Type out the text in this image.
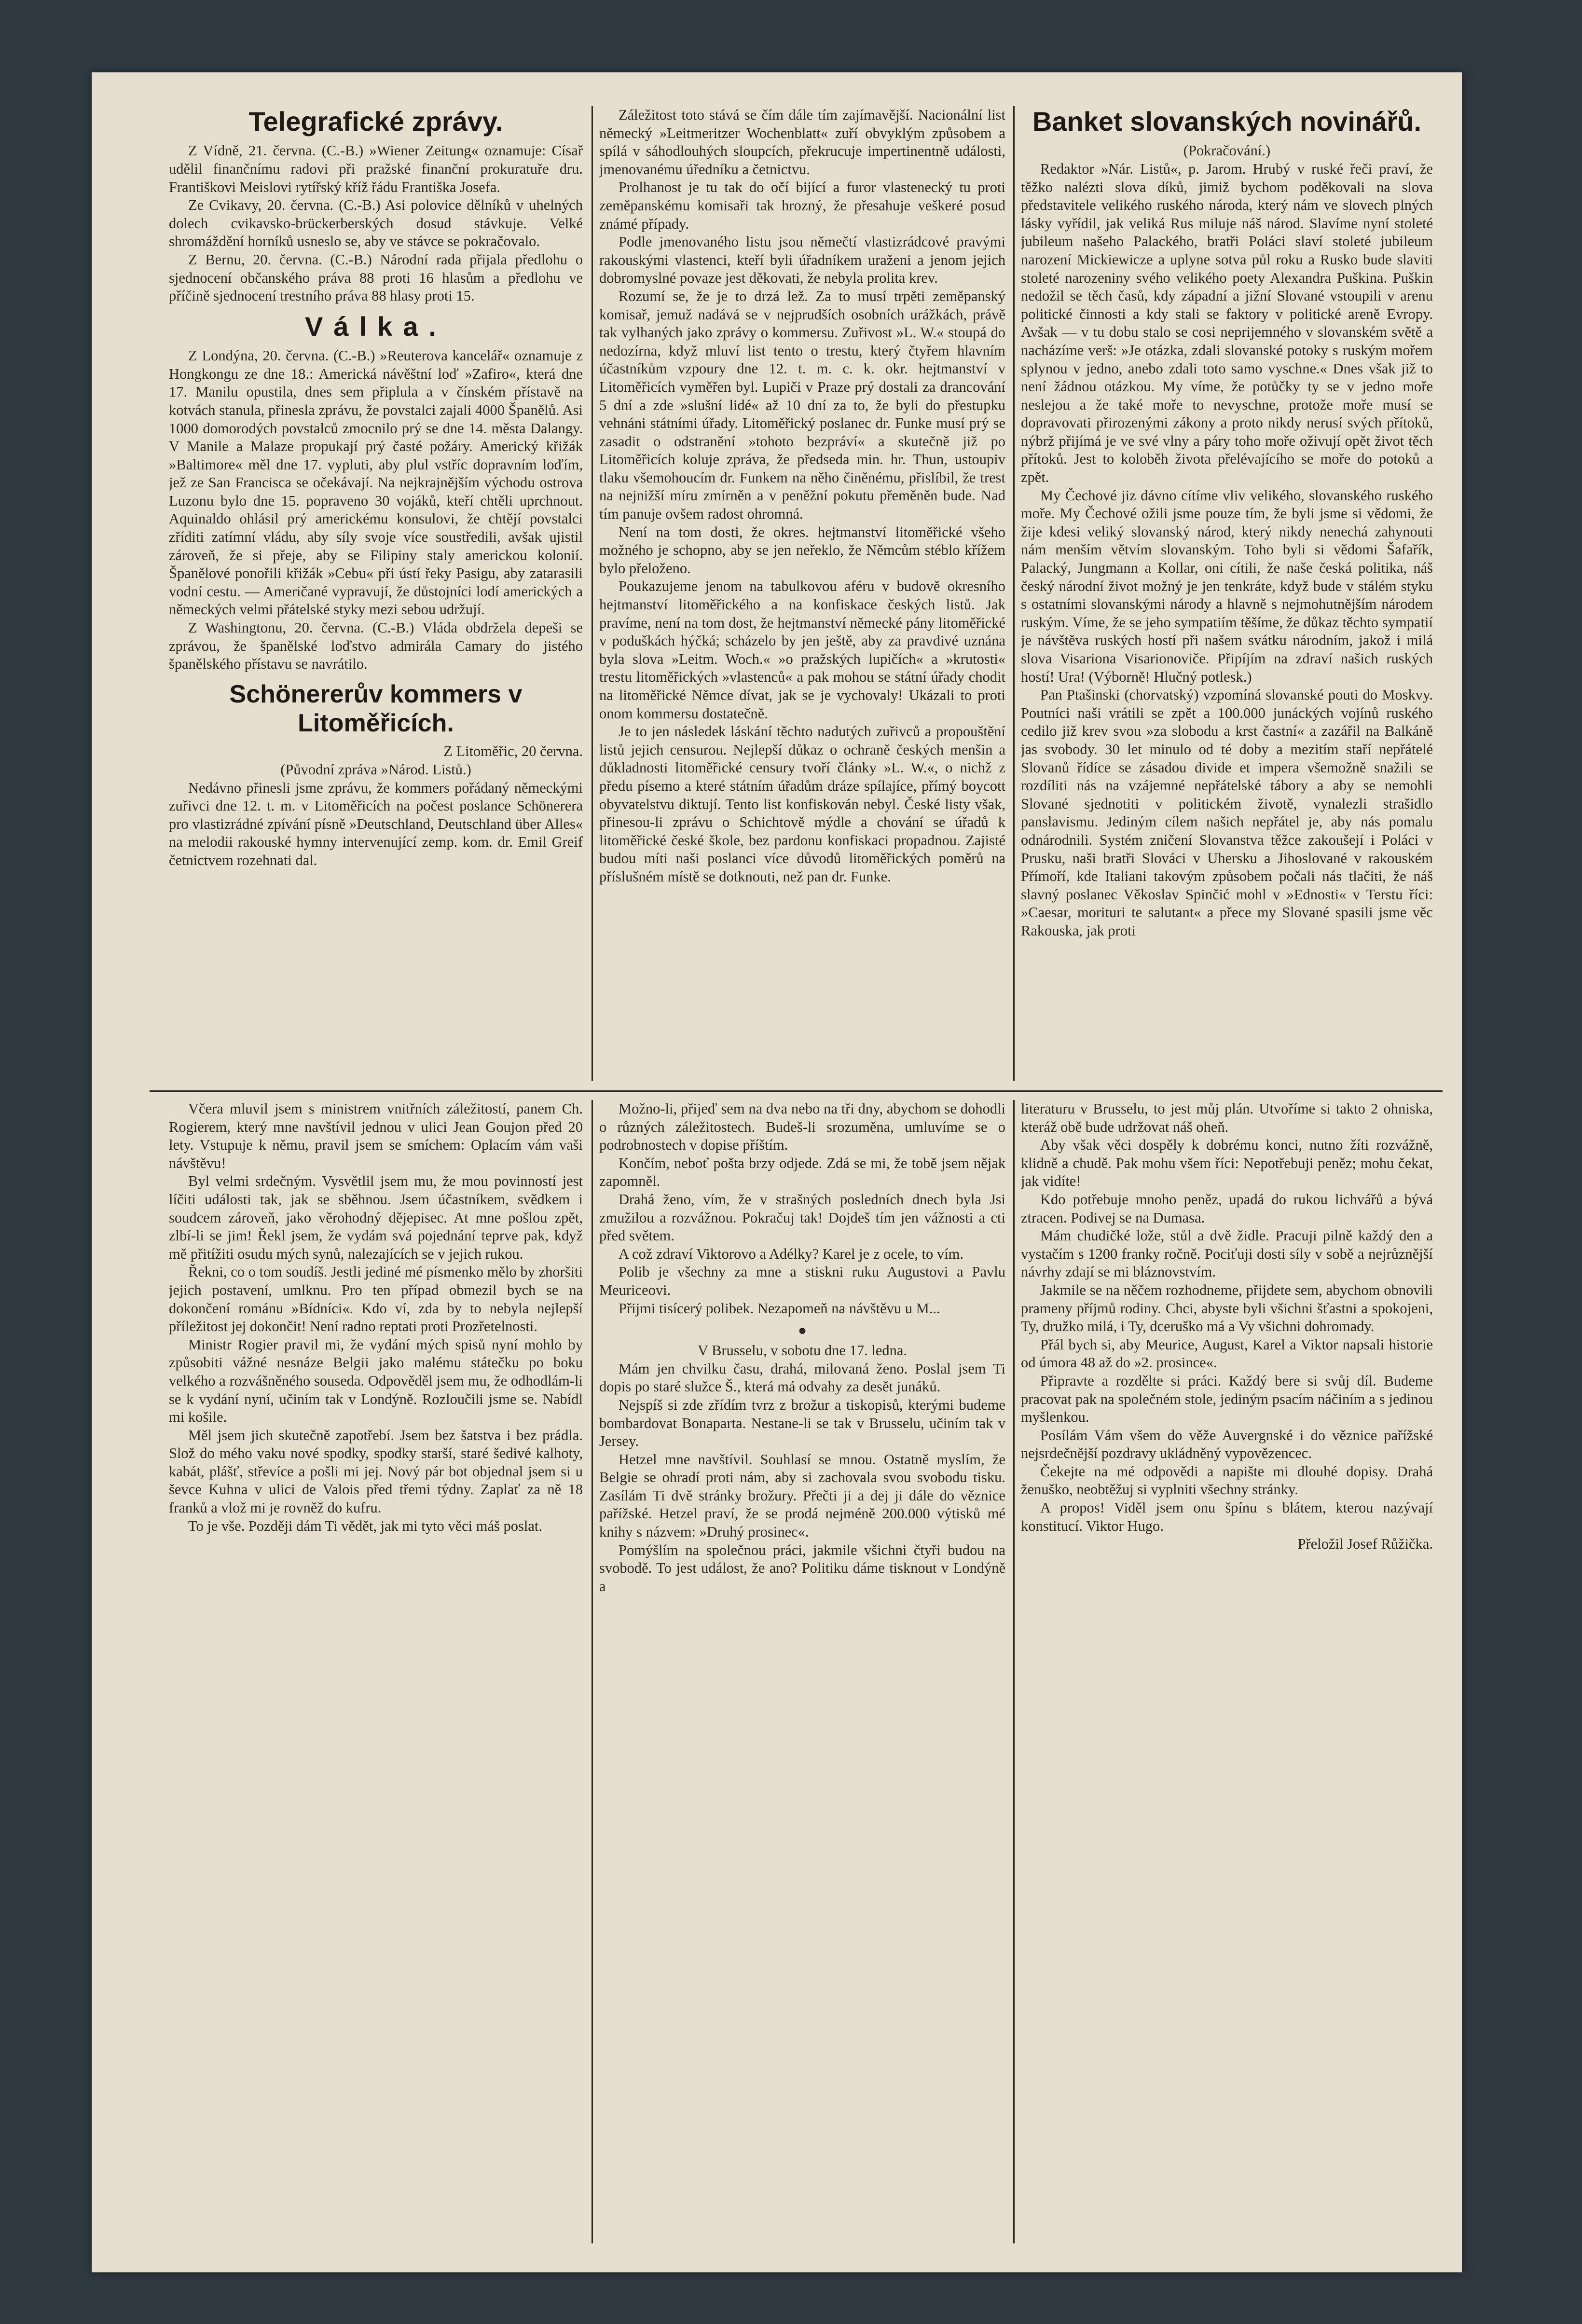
Telegrafické zprávy.

Z Vídně, 21. června. (C.-B.) »Wiener Zeitung« oznamuje: Císař udělil finančnímu radovi při pražské finanční prokuratuře dru. Františkovi Meislovi rytířský kříž řádu Františka Josefa.

Ze Cvikavy, 20. června. (C.-B.) Asi polovice dělníků v uhelných dolech cvikavsko-brückerberských dosud stávkuje. Velké shromáždění horníků usneslo se, aby ve stávce se pokračovalo.

Z Bernu, 20. června. (C.-B.) Národní rada přijala předlohu o sjednocení občanského práva 88 proti 16 hlasům a předlohu ve příčině sjednocení trestního práva 88 hlasy proti 15.

Válka.

Z Londýna, 20. června. (C.-B.) »Reuterova kancelář« oznamuje z Hongkongu ze dne 18.: Americká návěštní loď »Zafiro«, která dne 17. Manilu opustila, dnes sem připlula a v čínském přístavě na kotvách stanula, přinesla zprávu, že povstalci zajali 4000 Španělů. Asi 1000 domorodých povstalců zmocnilo prý se dne 14. města Dalangy. V Manile a Malaze propukají prý časté požáry. Americký křižák »Baltimore« měl dne 17. vypluti, aby plul vstříc dopravním loďím, jež ze San Francisca se očekávají. Na nejkrajnějším východu ostrova Luzonu bylo dne 15. popraveno 30 vojáků, kteří chtěli uprchnout. Aquinaldo ohlásil prý americkému konsulovi, že chtějí povstalci zříditi zatímní vládu, aby síly svoje více soustředili, avšak ujistil zároveň, že si přeje, aby se Filipiny staly americkou kolonií. Španělové ponořili křižák »Cebu« při ústí řeky Pasigu, aby zatarasili vodní cestu. — Američané vypravují, že důstojníci lodí amerických a německých velmi přátelské styky mezi sebou udržují.

Z Washingtonu, 20. června. (C.-B.) Vláda obdržela depeši se zprávou, že španělské loďstvo admirála Camary do jistého španělského přístavu se navrátilo.

Schönererův kommers v Litoměřicích.

Z Litoměřic, 20 června.

(Původní zpráva »Národ. Listů.)

Nedávno přinesli jsme zprávu, že kommers pořádaný německými zuřivci dne 12. t. m. v Litoměřicích na počest poslance Schönerera pro vlastizrádné zpívání písně »Deutschland, Deutschland über Alles« na melodii rakouské hymny intervenující zemp. kom. dr. Emil Greif četnictvem rozehnati dal.

Záležitost toto stává se čím dále tím zajímavější. Nacionální list německý »Leitmeritzer Wochenblatt« zuří obvyklým způsobem a spílá v sáhodlouhých sloupcích, překrucuje impertinentně události, jmenovanému úředníku a četnictvu.

Prolhanost je tu tak do očí bijící a furor vlastenecký tu proti zeměpanskému komisaři tak hrozný, že přesahuje veškeré posud známé případy.

Podle jmenovaného listu jsou němečtí vlastizrádcové pravými rakouskými vlastenci, kteří byli úřadníkem uraženi a jenom jejich dobromyslné povaze jest děkovati, že nebyla prolita krev.

Rozumí se, že je to drzá lež. Za to musí trpěti zeměpanský komisař, jemuž nadává se v nejprudších osobních urážkách, právě tak vylhaných jako zprávy o kommersu. Zuřivost »L. W.« stoupá do nedozírna, když mluví list tento o trestu, který čtyřem hlavním účastníkům vzpoury dne 12. t. m. c. k. okr. hejtmanství v Litoměřicích vyměřen byl. Lupiči v Praze prý dostali za drancování 5 dní a zde »slušní lidé« až 10 dní za to, že byli do přestupku vehnáni státními úřady. Litoměřický poslanec dr. Funke musí prý se zasadit o odstranění »tohoto bezpráví« a skutečně již po Litoměřicích koluje zpráva, že předseda min. hr. Thun, ustoupiv tlaku všemohoucím dr. Funkem na něho činěnému, přislíbil, že trest na nejnižší míru zmírněn a v peněžní pokutu přeměněn bude. Nad tím panuje ovšem radost ohromná.

Není na tom dosti, že okres. hejtmanství litoměřické všeho možného je schopno, aby se jen neřeklo, že Němcům stéblo křížem bylo přeloženo.

Poukazujeme jenom na tabulkovou aféru v budově okresního hejtmanství litoměřického a na konfiskace českých listů. Jak pravíme, není na tom dost, že hejtmanství německé pány litoměřické v poduškách hýčká; scházelo by jen ještě, aby za pravdivé uznána byla slova »Leitm. Woch.« »o pražských lupičích« a »krutosti« trestu litoměřických »vlastenců« a pak mohou se státní úřady chodit na litoměřické Němce dívat, jak se je vychovaly! Ukázali to proti onom kommersu dostatečně.

Je to jen následek láskání těchto nadutých zuřivců a propouštění listů jejich censurou. Nejlepší důkaz o ochraně českých menšin a důkladnosti litoměřické censury tvoří články »L. W.«, o nichž z předu písemo a které státním úřadům dráze spílajíce, přímý boycott obyvatelstvu diktují. Tento list konfiskován nebyl. České listy však, přinesou-li zprávu o Schichtově mýdle a chování se úřadů k litoměřické české škole, bez pardonu konfiskaci propadnou. Zajisté budou míti naši poslanci více důvodů litoměřických poměrů na příslušném místě se dotknouti, než pan dr. Funke.

Banket slovanských novinářů.

(Pokračování.)

Redaktor »Nár. Listů«, p. Jarom. Hrubý v ruské řeči praví, že těžko nalézti slova díků, jimiž bychom poděkovali na slova představitele velikého ruského národa, který nám ve slovech plných lásky vyřídil, jak veliká Rus miluje náš národ. Slavíme nyní stoleté jubileum našeho Palackého, bratři Poláci slaví stoleté jubileum narození Mickiewicze a uplyne sotva půl roku a Rusko bude slaviti stoleté narozeniny svého velikého poety Alexandra Puškina. Puškin nedožil se těch časů, kdy západní a jižní Slované vstoupili v arenu politické činnosti a kdy stali se faktory v politické areně Evropy. Avšak — v tu dobu stalo se cosi neprijemného v slovanském světě a nacházíme verš: »Je otázka, zdali slovanské potoky s ruským mořem splynou v jedno, anebo zdali toto samo vyschne.« Dnes však již to není žádnou otázkou. My víme, že potůčky ty se v jedno moře neslejou a že také moře to nevyschne, protože moře musí se dopravovati přirozenými zákony a proto nikdy nerusí svých přítoků, nýbrž přijímá je ve své vlny a páry toho moře oživují opět život těch přítoků. Jest to koloběh života přelévajícího se moře do potoků a zpět.

My Čechové jiz dávno cítíme vliv velikého, slovanského ruského moře. My Čechové ožili jsme pouze tím, že byli jsme si vědomi, že žije kdesi veliký slovanský národ, který nikdy nenechá zahynouti nám menším větvím slovanským. Toho byli si vědomi Šafařík, Palacký, Jungmann a Kollar, oni cítili, že naše česká politika, náš český národní život možný je jen tenkráte, když bude v stálém styku s ostatními slovanskými národy a hlavně s nejmohutnějším národem ruským. Víme, že se jeho sympatiím těšíme, že důkaz těchto sympatií je návštěva ruských hostí při našem svátku národním, jakož i milá slova Visariona Visarionoviče. Připíjím na zdraví našich ruských hostí! Ura! (Výborně! Hlučný potlesk.)

Pan Ptašinski (chorvatský) vzpomíná slovanské pouti do Moskvy. Poutníci naši vrátili se zpět a 100.000 junáckých vojínů ruského cedilo již krev svou »za slobodu a krst častní« a zazářil na Balkáně jas svobody. 30 let minulo od té doby a mezitím staří nepřátelé Slovanů řídíce se zásadou divide et impera všemožně snažili se rozdíliti nás na vzájemné nepřátelské tábory a aby se nemohli Slované sjednotiti v politickém životě, vynalezli strašidlo panslavismu. Jediným cílem našich nepřátel je, aby nás pomalu odnárodnili. Systém zničení Slovanstva těžce zakoušejí i Poláci v Prusku, naši bratři Slováci v Uhersku a Jihoslované v rakouském Přímoří, kde Italiani takovým způsobem počali nás tlačiti, že náš slavný poslanec Věkoslav Spinčić mohl v »Ednosti« v Terstu říci: »Caesar, morituri te salutant« a přece my Slované spasili jsme věc Rakouska, jak proti

Včera mluvil jsem s ministrem vnitřních záležitostí, panem Ch. Rogierem, který mne navštívil jednou v ulici Jean Goujon před 20 lety. Vstupuje k němu, pravil jsem se smíchem: Oplacím vám vaši návštěvu!

Byl velmi srdečným. Vysvětlil jsem mu, že mou povinností jest líčiti události tak, jak se sběhnou. Jsem účastníkem, svědkem i soudcem zároveň, jako věrohodný dějepisec. At mne pošlou zpět, zlbí-li se jim! Řekl jsem, že vydám svá pojednání teprve pak, když mě přitížiti osudu mých synů, nalezajících se v jejich rukou.

Řekni, co o tom soudíš. Jestli jediné mé písmenko mělo by zhoršiti jejich postavení, umlknu. Pro ten případ obmezil bych se na dokončení románu »Bídníci«. Kdo ví, zda by to nebyla nejlepší příležitost jej dokončit! Není radno reptati proti Prozřetelnosti.

Ministr Rogier pravil mi, že vydání mých spisů nyní mohlo by způsobiti vážné nesnáze Belgii jako malému státečku po boku velkého a rozvášněného souseda. Odpověděl jsem mu, že odhodlám-li se k vydání nyní, učiním tak v Londýně. Rozloučili jsme se. Nabídl mi košile.

Měl jsem jich skutečně zapotřebí. Jsem bez šatstva i bez prádla. Slož do mého vaku nové spodky, spodky starší, staré šedivé kalhoty, kabát, plášť, střevíce a pošli mi jej. Nový pár bot objednal jsem si u ševce Kuhna v ulici de Valois před třemi týdny. Zaplať za ně 18 franků a vlož mi je rovněž do kufru.

To je vše. Později dám Ti vědět, jak mi tyto věci máš poslat.

Možno-li, přijeď sem na dva nebo na tři dny, abychom se dohodli o různých záležitostech. Budeš-li srozuměna, umluvíme se o podrobnostech v dopise příštím.

Končím, neboť pošta brzy odjede. Zdá se mi, že tobě jsem nějak zapomněl.

Drahá ženo, vím, že v strašných posledních dnech byla Jsi zmužilou a rozvážnou. Pokračuj tak! Dojdeš tím jen vážnosti a cti před světem.

A což zdraví Viktorovo a Adélky? Karel je z ocele, to vím.

Polib je všechny za mne a stiskni ruku Augustovi a Pavlu Meuriceovi.

Přijmi tisícerý polibek. Nezapomeň na návštěvu u M...

●

V Brusselu, v sobotu dne 17. ledna.

Mám jen chvilku času, drahá, milovaná ženo. Poslal jsem Ti dopis po staré služce Š., která má odvahy za desět junáků.

Nejspíš si zde zřídím tvrz z brožur a tiskopisů, kterými budeme bombardovat Bonaparta. Nestane-li se tak v Brusselu, učiním tak v Jersey.

Hetzel mne navštívil. Souhlasí se mnou. Ostatně myslím, že Belgie se ohradí proti nám, aby si zachovala svou svobodu tisku. Zasílám Ti dvě stránky brožury. Přečti ji a dej ji dále do věznice pařížské. Hetzel praví, že se prodá nejméně 200.000 výtisků mé knihy s názvem: »Druhý prosinec«.

Pomýšlím na společnou práci, jakmile všichni čtyři budou na svobodě. To jest událost, že ano? Politiku dáme tisknout v Londýně a

literaturu v Brusselu, to jest můj plán. Utvoříme si takto 2 ohniska, kteráž obě bude udržovat náš oheň.

Aby však věci dospěly k dobrému konci, nutno žíti rozvážně, klidně a chudě. Pak mohu všem říci: Nepotřebuji peněz; mohu čekat, jak vidíte!

Kdo potřebuje mnoho peněz, upadá do rukou lichvářů a bývá ztracen. Podivej se na Dumasa.

Mám chudičké lože, stůl a dvě židle. Pracuji pilně každý den a vystačím s 1200 franky ročně. Pociťuji dosti síly v sobě a nejrůznější návrhy zdají se mi bláznovstvím.

Jakmile se na něčem rozhodneme, přijdete sem, abychom obnovili prameny příjmů rodiny. Chci, abyste byli všichni šťastni a spokojeni, Ty, družko milá, i Ty, dceruško má a Vy všichni dohromady.

Přál bych si, aby Meurice, August, Karel a Viktor napsali historie od úmora 48 až do »2. prosince«.

Připravte a rozdělte si práci. Každý bere si svůj díl. Budeme pracovat pak na společném stole, jediným psacím náčiním a s jedinou myšlenkou.

Posílám Vám všem do věže Auvergnské i do věznice pařížské nejsrdečnější pozdravy ukládněný vypovězencec.

Čekejte na mé odpovědi a napište mi dlouhé dopisy. Drahá ženuško, neobtěžuj si vyplniti všechny stránky.

A propos! Viděl jsem onu špínu s blátem, kterou nazývají konstitucí. Viktor Hugo.

Přeložil Josef Růžička.
